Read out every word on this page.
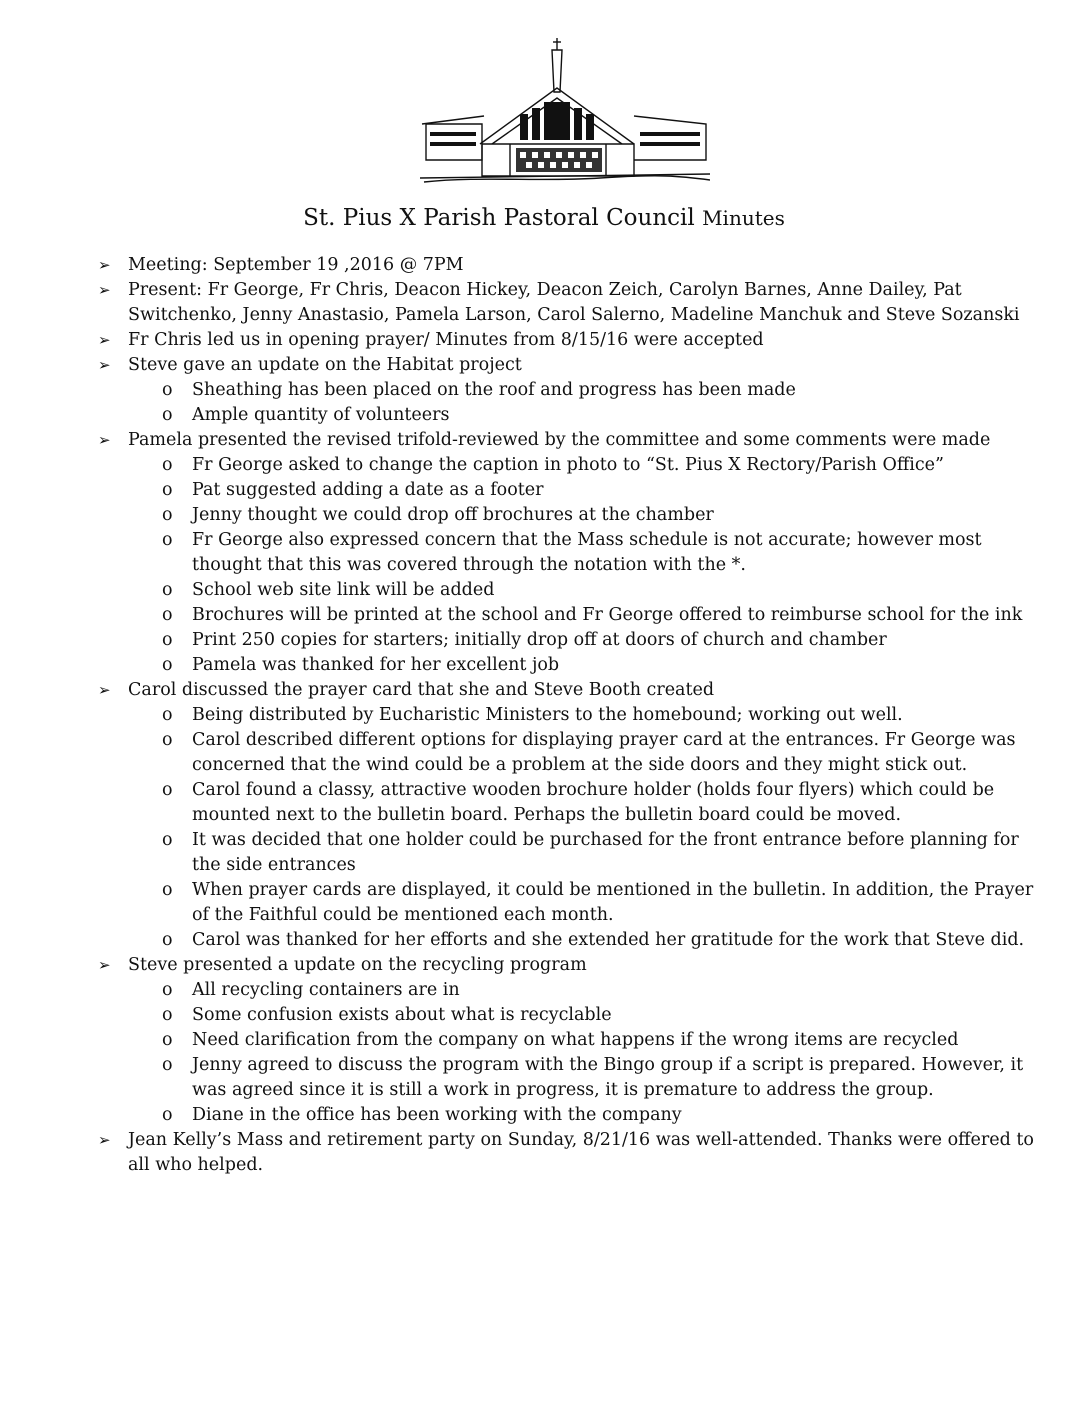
St. Pius X Parish Pastoral Council Minutes
➢ Meeting: September 19 ,2016 @ 7PM
➢ Present: Fr George, Fr Chris, Deacon Hickey, Deacon Zeich, Carolyn Barnes, Anne Dailey, Pat Switchenko, Jenny Anastasio, Pamela Larson, Carol Salerno, Madeline Manchuk and Steve Sozanski
➢ Fr Chris led us in opening prayer/ Minutes from 8/15/16 were accepted
➢ Steve gave an update on the Habitat project
o Sheathing has been placed on the roof and progress has been made
o Ample quantity of volunteers
➢ Pamela presented the revised trifold-reviewed by the committee and some comments were made
o Fr George asked to change the caption in photo to “St. Pius X Rectory/Parish Office”
o Pat suggested adding a date as a footer
o Jenny thought we could drop off brochures at the chamber
o Fr George also expressed concern that the Mass schedule is not accurate; however most thought that this was covered through the notation with the *.
o School web site link will be added
o Brochures will be printed at the school and Fr George offered to reimburse school for the ink
o Print 250 copies for starters; initially drop off at doors of church and chamber
o Pamela was thanked for her excellent job
➢ Carol discussed the prayer card that she and Steve Booth created
o Being distributed by Eucharistic Ministers to the homebound; working out well.
o Carol described different options for displaying prayer card at the entrances. Fr George was concerned that the wind could be a problem at the side doors and they might stick out.
o Carol found a classy, attractive wooden brochure holder (holds four flyers) which could be mounted next to the bulletin board. Perhaps the bulletin board could be moved.
o It was decided that one holder could be purchased for the front entrance before planning for the side entrances
o When prayer cards are displayed, it could be mentioned in the bulletin. In addition, the Prayer of the Faithful could be mentioned each month.
o Carol was thanked for her efforts and she extended her gratitude for the work that Steve did.
➢ Steve presented a update on the recycling program
o All recycling containers are in
o Some confusion exists about what is recyclable
o Need clarification from the company on what happens if the wrong items are recycled
o Jenny agreed to discuss the program with the Bingo group if a script is prepared. However, it was agreed since it is still a work in progress, it is premature to address the group.
o Diane in the office has been working with the company
➢ Jean Kelly’s Mass and retirement party on Sunday, 8/21/16 was well-attended. Thanks were offered to all who helped.
